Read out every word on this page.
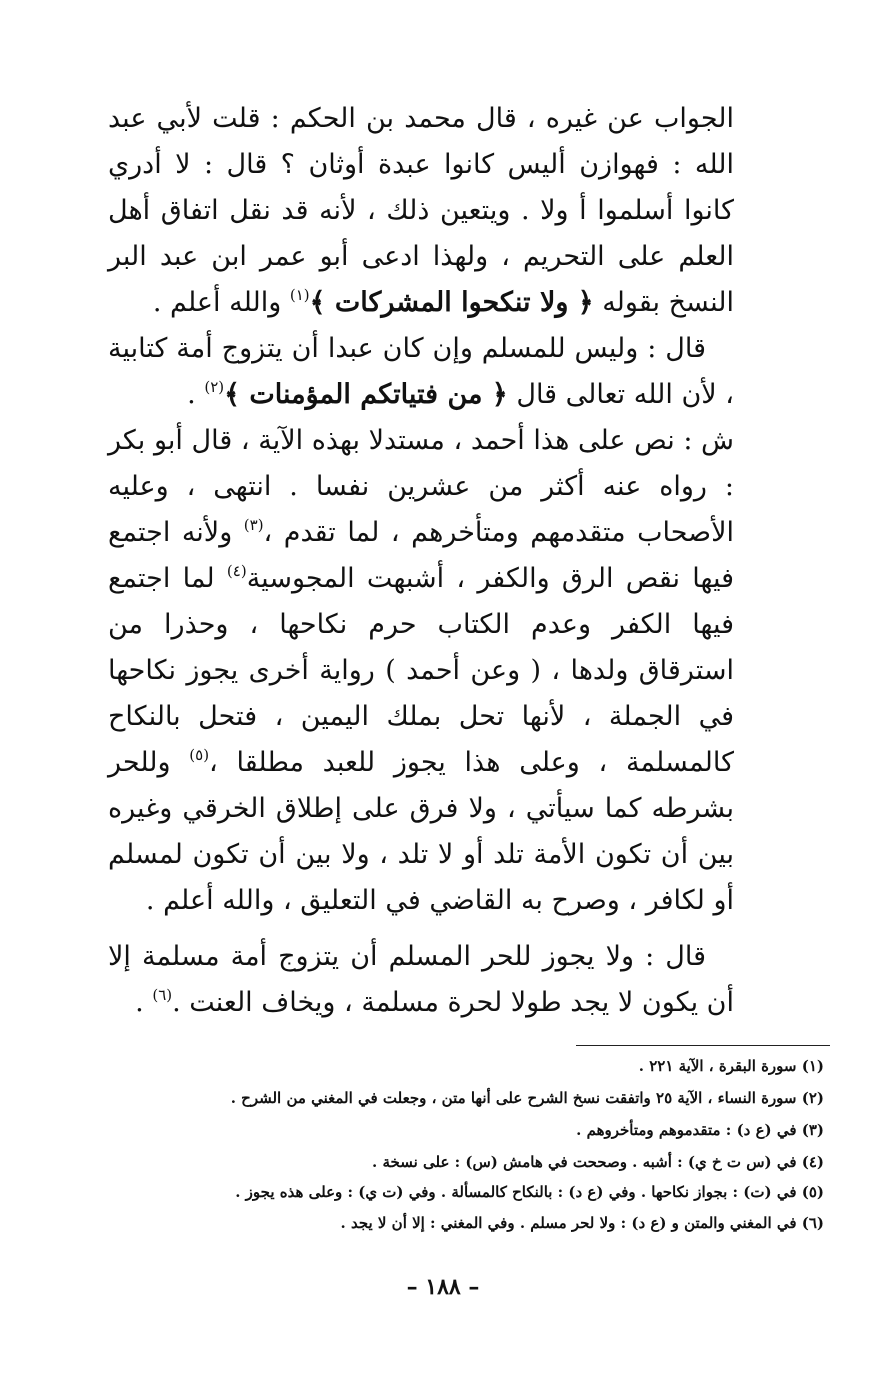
الجواب عن غيره ، قال محمد بن الحكم : قلت لأبي عبد الله : فهوازن أليس كانوا عبدة أوثان ؟ قال : لا أدري كانوا أسلموا أ ولا . ويتعين ذلك ، لأنه قد نقل اتفاق أهل العلم على التحريم ، ولهذا ادعى أبو عمر ابن عبد البر النسخ بقوله ﴿ ولا تنكحوا المشركات ﴾$^{(١)}$ والله أعلم .

قال : وليس للمسلم وإن كان عبدا أن يتزوج أمة كتابية ، لأن الله تعالى قال ﴿ من فتياتكم المؤمنات ﴾$^{(٢)}$ .

ش : نص على هذا أحمد ، مستدلا بهذه الآية ، قال أبو بكر : رواه عنه أكثر من عشرين نفسا . انتهى ، وعليه الأصحاب متقدمهم ومتأخرهم ، لما تقدم ،$^{(٣)}$ ولأنه اجتمع فيها نقص الرق والكفر ، أشبهت المجوسية$^{(٤)}$ لما اجتمع فيها الكفر وعدم الكتاب حرم نكاحها ، وحذرا من استرقاق ولدها ، ( وعن أحمد ) رواية أخرى يجوز نكاحها في الجملة ، لأنها تحل بملك اليمين ، فتحل بالنكاح كالمسلمة ، وعلى هذا يجوز للعبد مطلقا ،$^{(٥)}$ وللحر بشرطه كما سيأتي ، ولا فرق على إطلاق الخرقي وغيره بين أن تكون الأمة تلد أو لا تلد ، ولا بين أن تكون لمسلم أو لكافر ، وصرح به القاضي في التعليق ، والله أعلم .

قال : ولا يجوز للحر المسلم أن يتزوج أمة مسلمة إلا أن يكون لا يجد طولا لحرة مسلمة ، ويخاف العنت .$^{(٦)}$ .

(١) سورة البقرة ، الآية ٢٢١ .

(٢) سورة النساء ، الآية ٢٥ واتفقت نسخ الشرح على أنها متن ، وجعلت في المغني من الشرح .

(٣) في (ع د) : متقدموهم ومتأخروهم .

(٤) في (س ت خ ي) : أشبه . وصححت في هامش (س) : على نسخة .

(٥) في (ت) : بجواز نكاحها . وفي (ع د) : بالنكاح كالمسألة . وفي (ت ي) : وعلى هذه يجوز .

(٦) في المغني والمتن و (ع د) : ولا لحر مسلم . وفي المغني : إلا أن لا يجد .

– ١٨٨ –
